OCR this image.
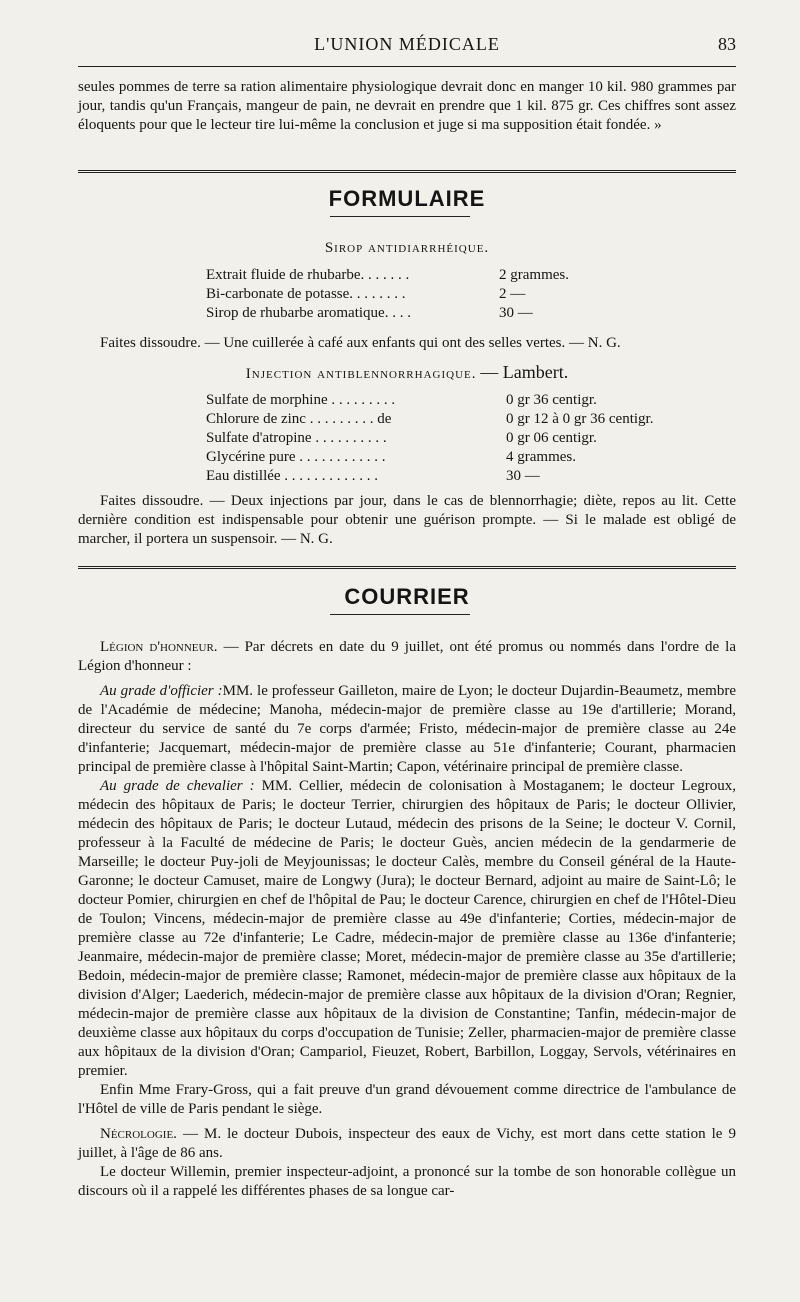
L'UNION MÉDICALE	83

seules pommes de terre sa ration alimentaire physiologique devrait donc en manger 10 kil. 980 grammes par jour, tandis qu'un Français, mangeur de pain, ne devrait en prendre que 1 kil. 875 gr. Ces chiffres sont assez éloquents pour que le lecteur tire lui-même la conclusion et juge si ma supposition était fondée. »

FORMULAIRE
Sirop antidiarrhéique.
Extrait fluide de rhubarbe. . . . . . .	2 grammes.
Bi-carbonate de potasse. . . . . . . .	2 —
Sirop de rhubarbe aromatique. . . .	30 —

Faites dissoudre. — Une cuillerée à café aux enfants qui ont des selles vertes. — N. G.

Injection antiblennorrhagique. — Lambert.
Sulfate de morphine . . . . . . . . .	0 gr 36 centigr.
Chlorure de zinc . . . . . . . . . de	0 gr 12 à 0 gr 36 centigr.
Sulfate d'atropine . . . . . . . . . .	0 gr 06 centigr.
Glycérine pure . . . . . . . . . . . .	4 grammes.
Eau distillée . . . . . . . . . . . . .	30 —

Faites dissoudre. — Deux injections par jour, dans le cas de blennorrhagie; diète, repos au lit. Cette dernière condition est indispensable pour obtenir une guérison prompte. — Si le malade est obligé de marcher, il portera un suspensoir. — N. G.

COURRIER

Légion d'honneur. — Par décrets en date du 9 juillet, ont été promus ou nommés dans l'ordre de la Légion d'honneur :

Au grade d'officier :MM. le professeur Gailleton, maire de Lyon; le docteur Dujardin-Beaumetz, membre de l'Académie de médecine; Manoha, médecin-major de première classe au 19e d'artillerie; Morand, directeur du service de santé du 7e corps d'armée; Fristo, médecin-major de première classe au 24e d'infanterie; Jacquemart, médecin-major de première classe au 51e d'infanterie; Courant, pharmacien principal de première classe à l'hôpital Saint-Martin; Capon, vétérinaire principal de première classe.

Au grade de chevalier : MM. Cellier, médecin de colonisation à Mostaganem; le docteur Legroux, médecin des hôpitaux de Paris; le docteur Terrier, chirurgien des hôpitaux de Paris; le docteur Ollivier, médecin des hôpitaux de Paris; le docteur Lutaud, médecin des prisons de la Seine; le docteur V. Cornil, professeur à la Faculté de médecine de Paris; le docteur Guès, ancien médecin de la gendarmerie de Marseille; le docteur Puy-joli de Meyjounissas; le docteur Calès, membre du Conseil général de la Haute-Garonne; le docteur Camuset, maire de Longwy (Jura); le docteur Bernard, adjoint au maire de Saint-Lô; le docteur Pomier, chirurgien en chef de l'hôpital de Pau; le docteur Carence, chirurgien en chef de l'Hôtel-Dieu de Toulon; Vincens, médecin-major de première classe au 49e d'infanterie; Corties, médecin-major de première classe au 72e d'infanterie; Le Cadre, médecin-major de première classe au 136e d'infanterie; Jeanmaire, médecin-major de première classe; Moret, médecin-major de première classe au 35e d'artillerie; Bedoin, médecin-major de première classe; Ramonet, médecin-major de première classe aux hôpitaux de la division d'Alger; Laederich, médecin-major de première classe aux hôpitaux de la division d'Oran; Regnier, médecin-major de première classe aux hôpitaux de la division de Constantine; Tanfin, médecin-major de deuxième classe aux hôpitaux du corps d'occupation de Tunisie; Zeller, pharmacien-major de première classe aux hôpitaux de la division d'Oran; Campariol, Fieuzet, Robert, Barbillon, Loggay, Servols, vétérinaires en premier.

Enfin Mme Frary-Gross, qui a fait preuve d'un grand dévouement comme directrice de l'ambulance de l'Hôtel de ville de Paris pendant le siège.

Nécrologie. — M. le docteur Dubois, inspecteur des eaux de Vichy, est mort dans cette station le 9 juillet, à l'âge de 86 ans.

Le docteur Willemin, premier inspecteur-adjoint, a prononcé sur la tombe de son honorable collègue un discours où il a rappelé les différentes phases de sa longue car-
